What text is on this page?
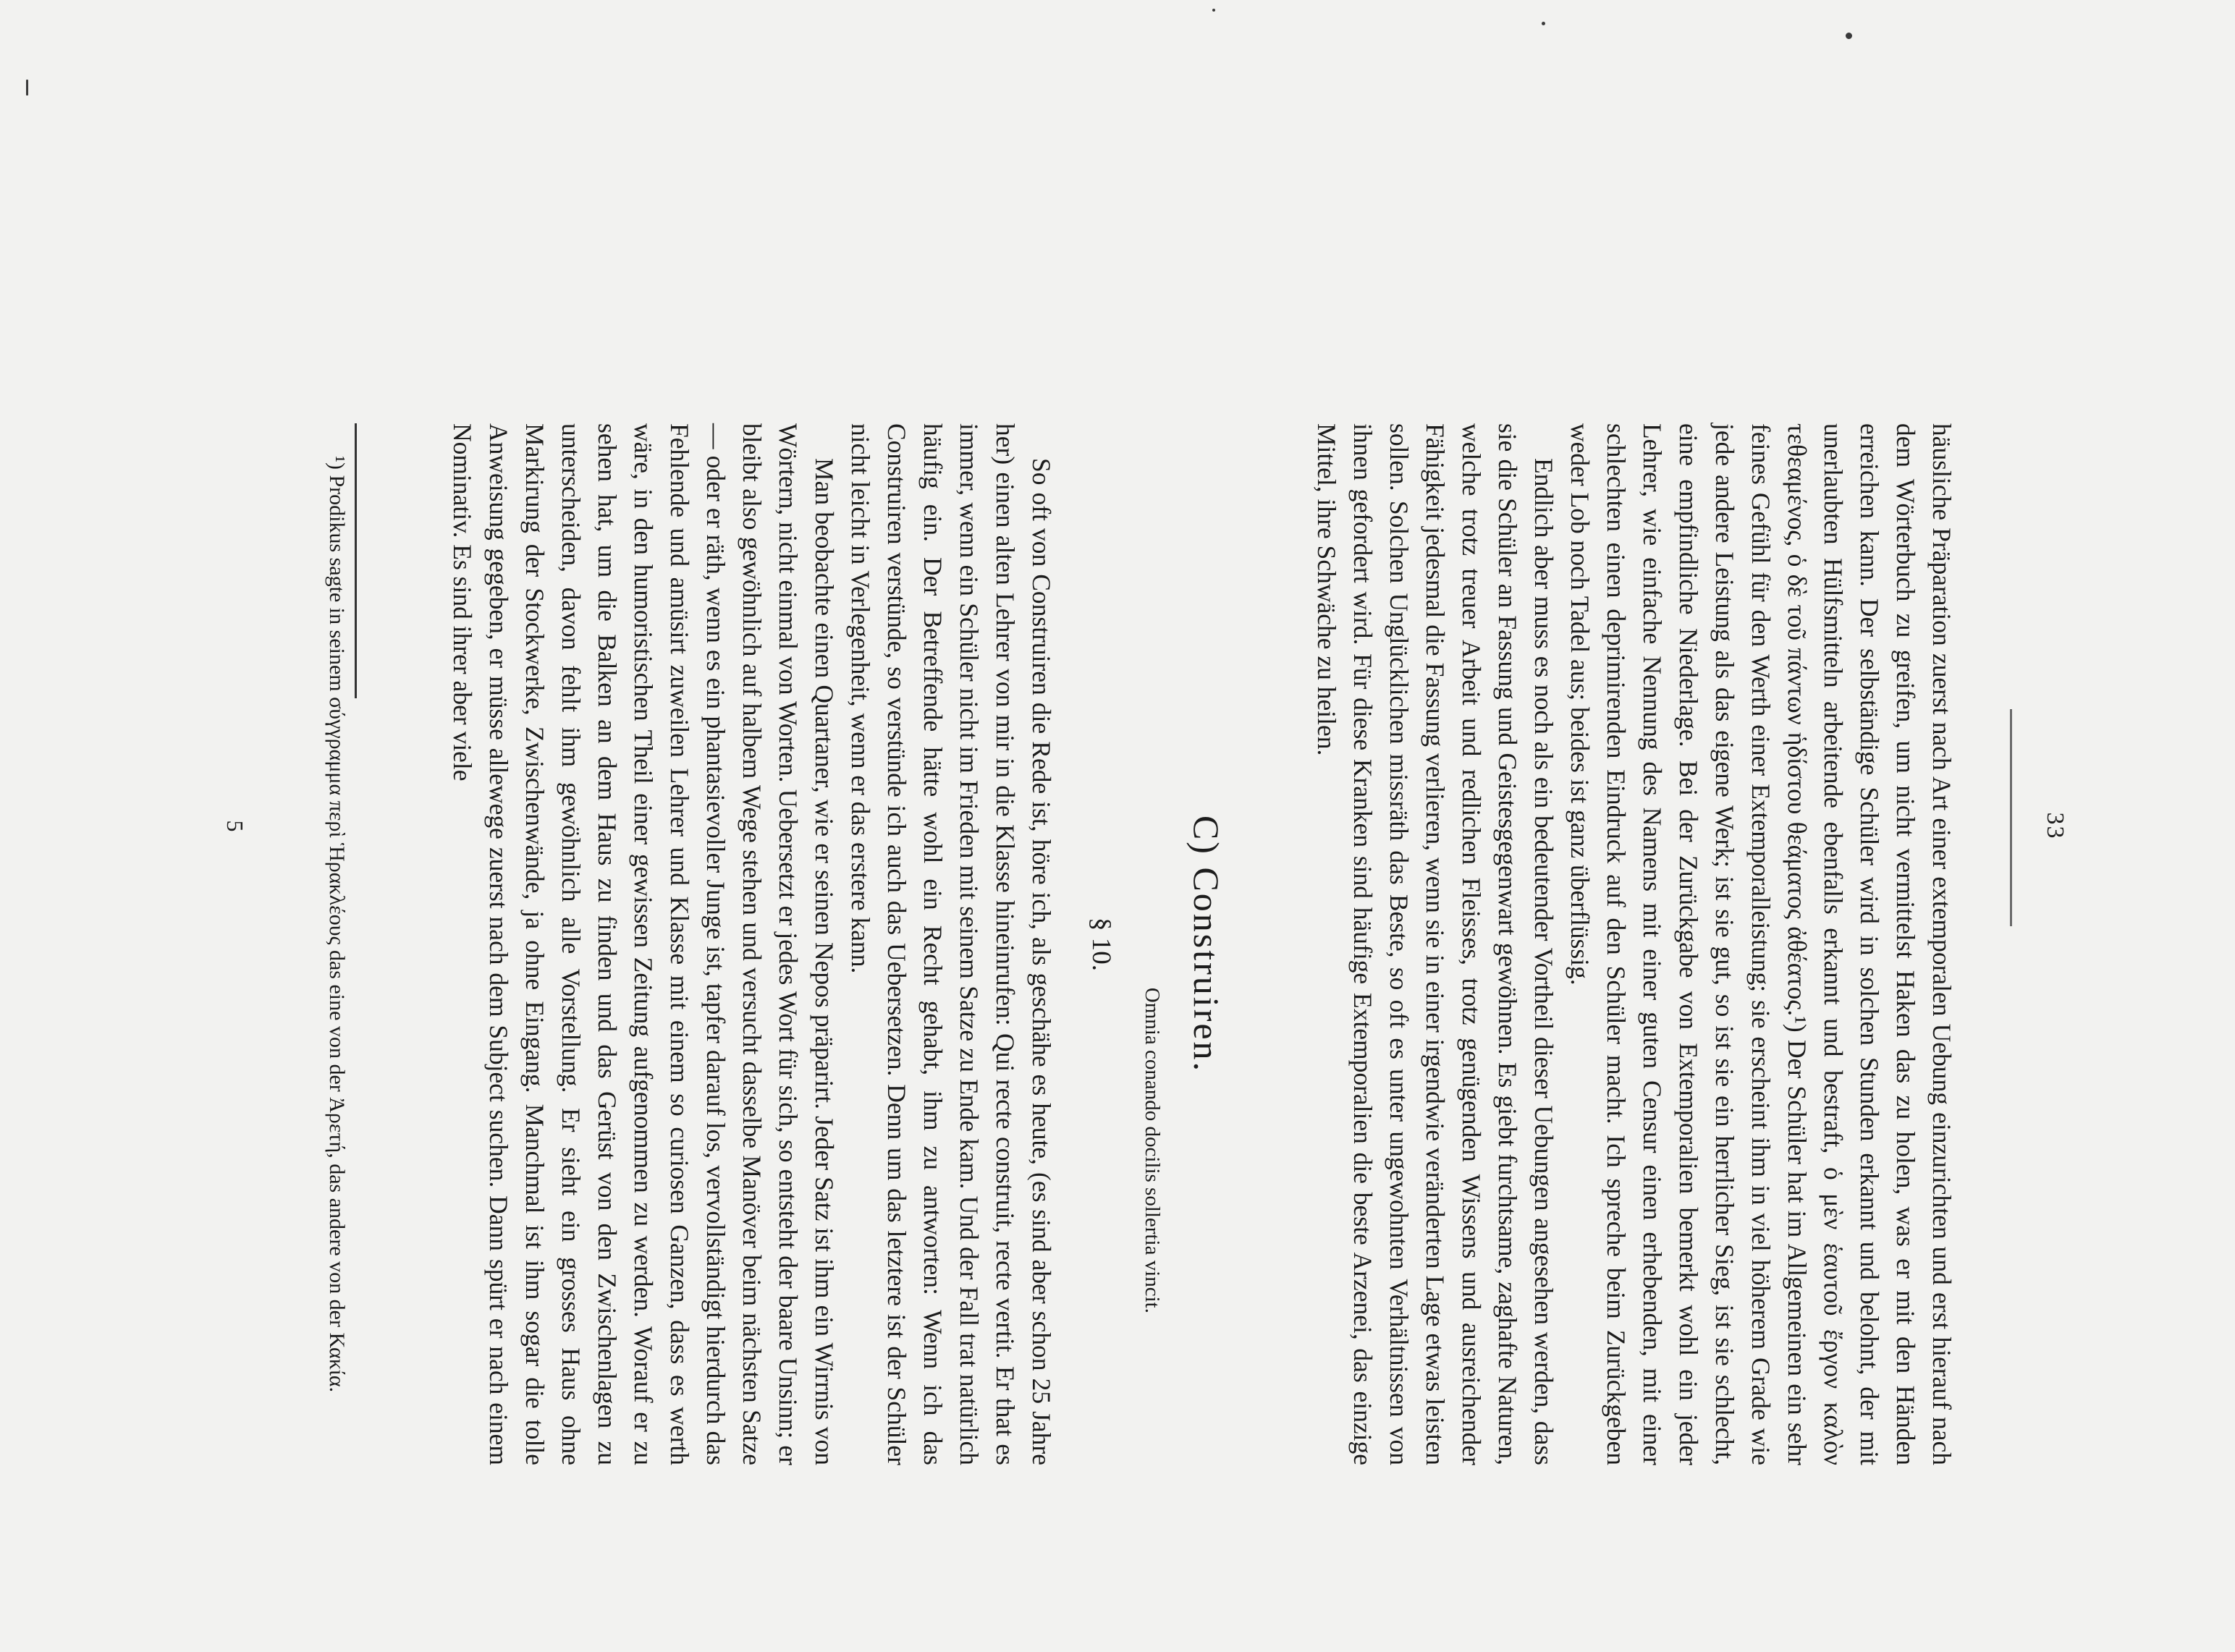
33

häusliche Präparation zuerst nach Art einer extemporalen Uebung einzurichten und erst hierauf nach dem Wörterbuch zu greifen, um nicht vermittelst Haken das zu holen, was er mit den Händen erreichen kann. Der selbständige Schüler wird in solchen Stunden erkannt und belohnt, der mit unerlaubten Hülfsmitteln arbeitende ebenfalls erkannt und bestraft, ὁ μὲν ἑαυτοῦ ἔργον καλὸν τεθεαμένος, ὁ δὲ τοῦ πάντων ἡδίστου θεάματος ἀθέατος.¹) Der Schüler hat im Allgemeinen ein sehr feines Gefühl für den Werth einer Extemporalleistung; sie erscheint ihm in viel höherem Grade wie jede andere Leistung als das eigene Werk; ist sie gut, so ist sie ein herrlicher Sieg, ist sie schlecht, eine empfindliche Niederlage. Bei der Zurückgabe von Extemporalien bemerkt wohl ein jeder Lehrer, wie einfache Nennung des Namens mit einer guten Censur einen erhebenden, mit einer schlechten einen deprimirenden Eindruck auf den Schüler macht. Ich spreche beim Zurückgeben weder Lob noch Tadel aus; beides ist ganz überflüssig.

Endlich aber muss es noch als ein bedeutender Vortheil dieser Uebungen angesehen werden, dass sie die Schüler an Fassung und Geistesgegenwart gewöhnen. Es giebt furchtsame, zaghafte Naturen, welche trotz treuer Arbeit und redlichen Fleisses, trotz genügenden Wissens und ausreichender Fähigkeit jedesmal die Fassung verlieren, wenn sie in einer irgendwie veränderten Lage etwas leisten sollen. Solchen Unglücklichen missräth das Beste, so oft es unter ungewohnten Verhältnissen von ihnen gefordert wird. Für diese Kranken sind häufige Extemporalien die beste Arzenei, das einzige Mittel, ihre Schwäche zu heilen.

C) Construiren.
Omnia conando docilis sollertia vincit.
§ 10.

So oft von Construiren die Rede ist, höre ich, als geschähe es heute, (es sind aber schon 25 Jahre her) einen alten Lehrer von mir in die Klasse hineinrufen: Qui recte construit, recte vertit. Er that es immer, wenn ein Schüler nicht im Frieden mit seinem Satze zu Ende kam. Und der Fall trat natürlich häufig ein. Der Betreffende hätte wohl ein Recht gehabt, ihm zu antworten: Wenn ich das Construiren verstünde, so verstünde ich auch das Uebersetzen. Denn um das letztere ist der Schüler nicht leicht in Verlegenheit, wenn er das erstere kann.

Man beobachte einen Quartaner, wie er seinen Nepos präparirt. Jeder Satz ist ihm ein Wirrnis von Wörtern, nicht einmal von Worten. Uebersetzt er jedes Wort für sich, so entsteht der baare Unsinn; er bleibt also gewöhnlich auf halbem Wege stehen und versucht dasselbe Manöver beim nächsten Satze — oder er räth, wenn es ein phantasievoller Junge ist, tapfer darauf los, vervollständigt hierdurch das Fehlende und amüsirt zuweilen Lehrer und Klasse mit einem so curiosen Ganzen, dass es werth wäre, in den humoristischen Theil einer gewissen Zeitung aufgenommen zu werden. Worauf er zu sehen hat, um die Balken an dem Haus zu finden und das Gerüst von den Zwischenlagen zu unterscheiden, davon fehlt ihm gewöhnlich alle Vorstellung. Er sieht ein grosses Haus ohne Markirung der Stockwerke, Zwischenwände, ja ohne Eingang. Manchmal ist ihm sogar die tolle Anweisung gegeben, er müsse allewege zuerst nach dem Subject suchen. Dann spürt er nach einem Nominativ. Es sind ihrer aber viele

¹) Prodikus sagte in seinem σύγγραμμα περὶ Ἡρακλέους das eine von der Ἀρετή, das andere von der Κακία.

5
